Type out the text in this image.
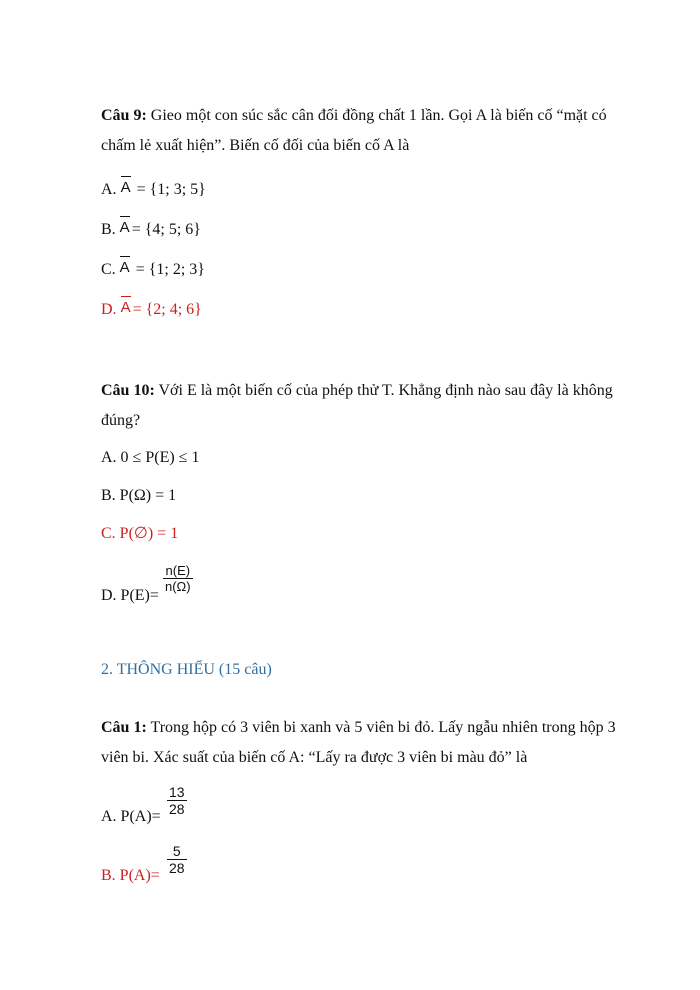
Câu 9: Gieo một con súc sắc cân đối đồng chất 1 lần. Gọi A là biến cố “mặt có
chấm lẻ xuất hiện”. Biến cố đối của biến cố A là
A. A = {1; 3; 5}
B. A = {4; 5; 6}
C. A = {1; 2; 3}
D. A = {2; 4; 6}
Câu 10: Với E là một biến cố của phép thử T. Khẳng định nào sau đây là không
đúng?
A. 0 ≤ P(E) ≤ 1
B. P(Ω) = 1
C. P(∅) = 1
D. P(E)=
$\frac{n(E)}{n(\Omega)}$
2. THÔNG HIỂU (15 câu)
Câu 1: Trong hộp có 3 viên bi xanh và 5 viên bi đỏ. Lấy ngẫu nhiên trong hộp 3
viên bi. Xác suất của biến cố A: “Lấy ra được 3 viên bi màu đỏ” là
A. $P(A)= \frac{13}{28}$
B. $P(A)= \frac{5}{28}$
